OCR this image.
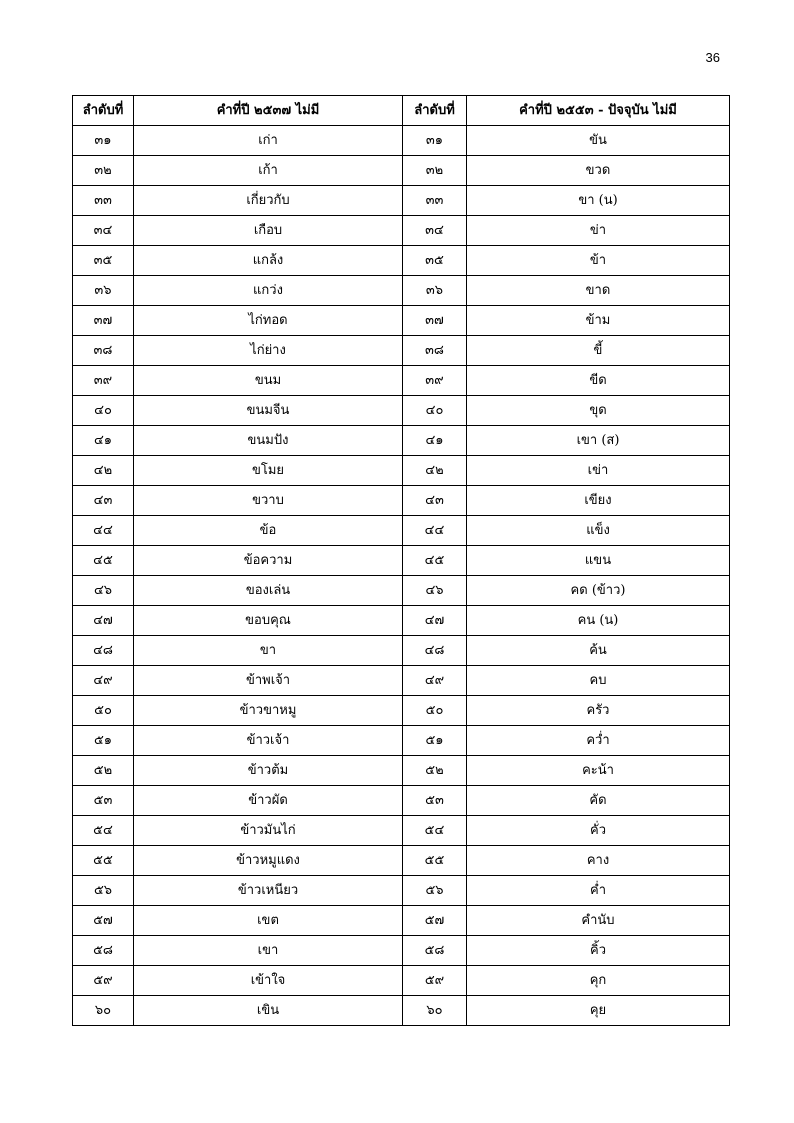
36
ลำดับที่	คำที่ปี ๒๕๓๗ ไม่มี	ลำดับที่	คำที่ปี ๒๕๕๓ - ปัจจุบัน ไม่มี
๓๑	เก่า	๓๑	ขัน
๓๒	เก้า	๓๒	ขวด
๓๓	เกี่ยวกับ	๓๓	ขา (น)
๓๔	เกือบ	๓๔	ข่า
๓๕	แกล้ง	๓๕	ข้า
๓๖	แกว่ง	๓๖	ขาด
๓๗	ไก่ทอด	๓๗	ข้าม
๓๘	ไก่ย่าง	๓๘	ขี้
๓๙	ขนม	๓๙	ขีด
๔๐	ขนมจีน	๔๐	ขุด
๔๑	ขนมปัง	๔๑	เขา (ส)
๔๒	ขโมย	๔๒	เข่า
๔๓	ขวาบ	๔๓	เขียง
๔๔	ข้อ	๔๔	แข็ง
๔๕	ข้อความ	๔๕	แขน
๔๖	ของเล่น	๔๖	คด (ข้าว)
๔๗	ขอบคุณ	๔๗	คน (น)
๔๘	ขา	๔๘	ค้น
๔๙	ข้าพเจ้า	๔๙	คบ
๕๐	ข้าวขาหมู	๕๐	ครัว
๕๑	ข้าวเจ้า	๕๑	คว่ำ
๕๒	ข้าวต้ม	๕๒	คะน้า
๕๓	ข้าวผัด	๕๓	คัด
๕๔	ข้าวมันไก่	๕๔	คั่ว
๕๕	ข้าวหมูแดง	๕๕	คาง
๕๖	ข้าวเหนียว	๕๖	ค่ำ
๕๗	เขต	๕๗	คำนับ
๕๘	เขา	๕๘	คิ้ว
๕๙	เข้าใจ	๕๙	คุก
๖๐	เขิน	๖๐	คุย
